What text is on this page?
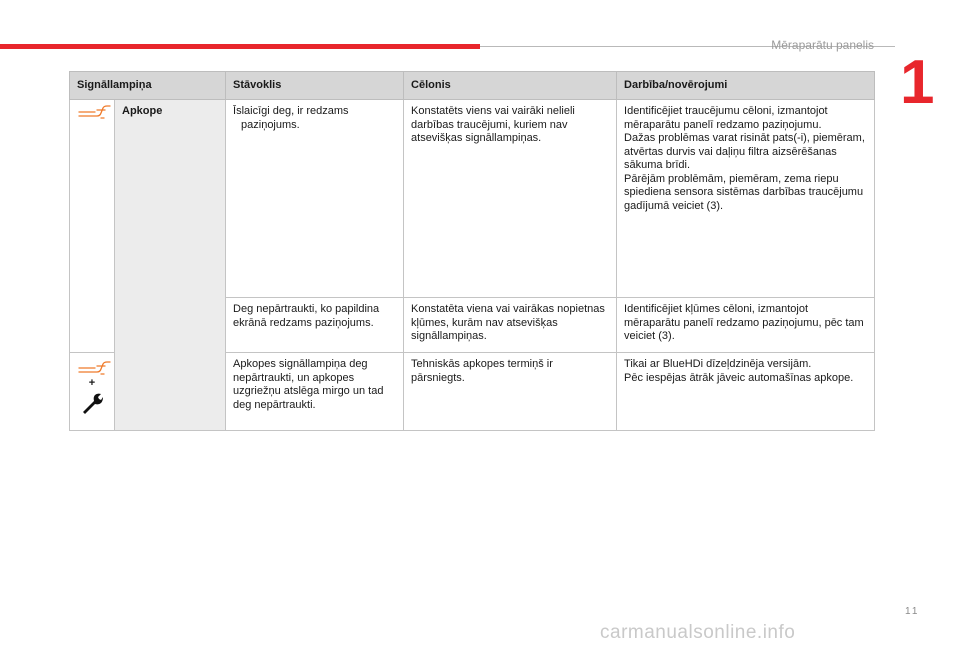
Mēraparātu panelis
1
Signāllampiņa		Stāvoklis	Cēlonis	Darbība/novērojumi

	Apkope	Īslaicīgi deg, ir redzams paziņojums.	Konstatēts viens vai vairāki nelieli darbības traucējumi, kuriem nav atsevišķas signāllampiņas.	Identificējiet traucējumu cēloni, izmantojot mēraparātu panelī redzamo paziņojumu.
Dažas problēmas varat risināt pats(-i), piemēram, atvērtas durvis vai daļiņu filtra aizsērēšanas sākuma brīdi.
Pārējām problēmām, piemēram, zema riepu spiediena sensora sistēmas darbības traucējumu gadījumā veiciet (3).

		Deg nepārtraukti, ko papildina ekrānā redzams paziņojums.	Konstatēta viena vai vairākas nopietnas kļūmes, kurām nav atsevišķas signāllampiņas.	Identificējiet kļūmes cēloni, izmantojot mēraparātu panelī redzamo paziņojumu, pēc tam veiciet (3).

+		Apkopes signāllampiņa deg nepārtraukti, un apkopes uzgriežņu atslēga mirgo un tad deg nepārtraukti.	Tehniskās apkopes termiņš ir pārsniegts.	Tikai ar BlueHDi dīzeļdzinēja versijām.
Pēc iespējas ātrāk jāveic automašīnas apkope.
11
carmanualsonline.info
